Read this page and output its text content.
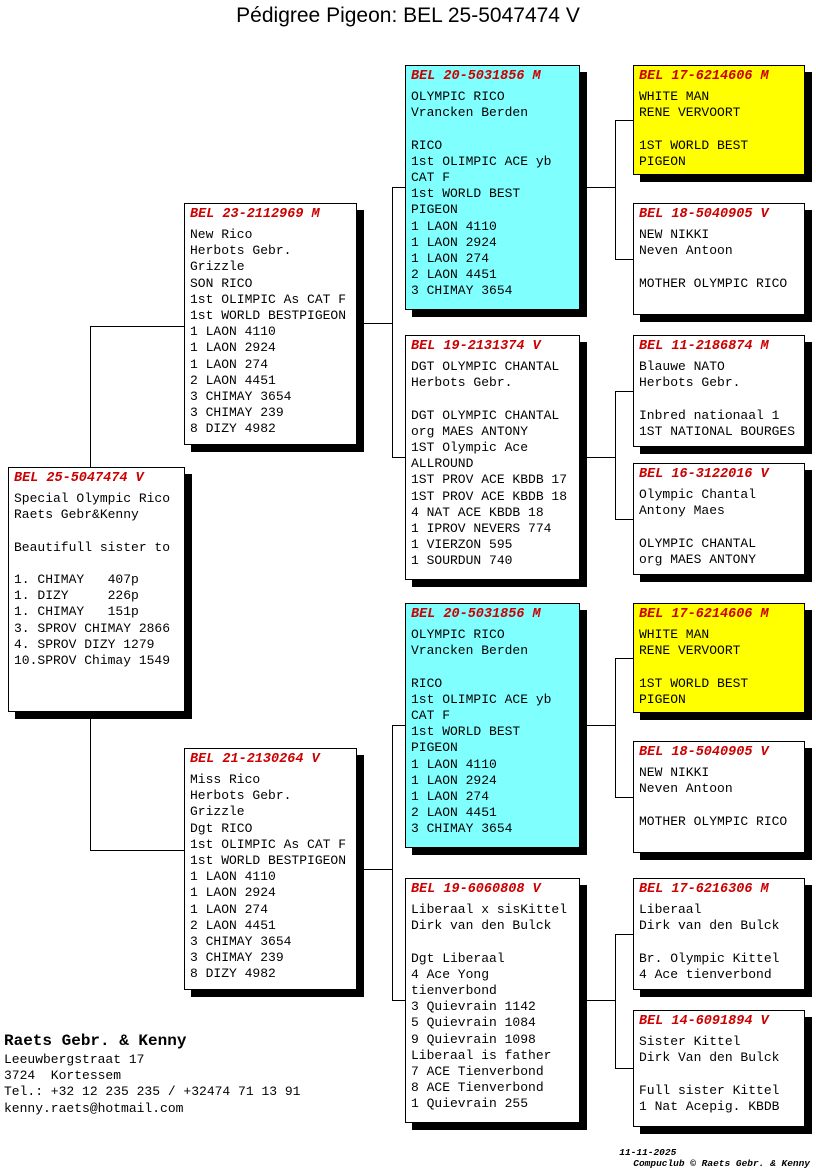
Pédigree Pigeon: BEL 25-5047474 V
BEL 25-5047474 V
Special Olympic Rico
Raets Gebr&Kenny
Beautifull sister to
1. CHIMAY   407p
1. DIZY     226p
1. CHIMAY   151p
3. SPROV CHIMAY 2866
4. SPROV DIZY 1279
10.SPROV Chimay 1549
BEL 23-2112969 M
New Rico
Herbots Gebr.
Grizzle
SON RICO
1st OLIMPIC As CAT F
1st WORLD BESTPIGEON
1 LAON 4110
1 LAON 2924
1 LAON 274
2 LAON 4451
3 CHIMAY 3654
3 CHIMAY 239
8 DIZY 4982
BEL 21-2130264 V
Miss Rico
Herbots Gebr.
Grizzle
Dgt RICO
1st OLIMPIC As CAT F
1st WORLD BESTPIGEON
1 LAON 4110
1 LAON 2924
1 LAON 274
2 LAON 4451
3 CHIMAY 3654
3 CHIMAY 239
8 DIZY 4982
BEL 20-5031856 M
OLYMPIC RICO
Vrancken Berden
RICO
1st OLIMPIC ACE yb
CAT F
1st WORLD BEST
PIGEON
1 LAON 4110
1 LAON 2924
1 LAON 274
2 LAON 4451
3 CHIMAY 3654
BEL 19-2131374 V
DGT OLYMPIC CHANTAL
Herbots Gebr.
DGT OLYMPIC CHANTAL
org MAES ANTONY
1ST Olympic Ace
ALLROUND
1ST PROV ACE KBDB 17
1ST PROV ACE KBDB 18
4 NAT ACE KBDB 18
1 IPROV NEVERS 774
1 VIERZON 595
1 SOURDUN 740
BEL 20-5031856 M
OLYMPIC RICO
Vrancken Berden
RICO
1st OLIMPIC ACE yb
CAT F
1st WORLD BEST
PIGEON
1 LAON 4110
1 LAON 2924
1 LAON 274
2 LAON 4451
3 CHIMAY 3654
BEL 19-6060808 V
Liberaal x sisKittel
Dirk van den Bulck
Dgt Liberaal
4 Ace Yong
tienverbond
3 Quievrain 1142
5 Quievrain 1084
9 Quievrain 1098
Liberaal is father
7 ACE Tienverbond
8 ACE Tienverbond
1 Quievrain 255
BEL 17-6214606 M
WHITE MAN
RENE VERVOORT
1ST WORLD BEST
PIGEON
BEL 18-5040905 V
NEW NIKKI
Neven Antoon
MOTHER OLYMPIC RICO
BEL 11-2186874 M
Blauwe NATO
Herbots Gebr.
Inbred nationaal 1
1ST NATIONAL BOURGES
BEL 16-3122016 V
Olympic Chantal
Antony Maes
OLYMPIC CHANTAL
org MAES ANTONY
BEL 17-6214606 M
WHITE MAN
RENE VERVOORT
1ST WORLD BEST
PIGEON
BEL 18-5040905 V
NEW NIKKI
Neven Antoon
MOTHER OLYMPIC RICO
BEL 17-6216306 M
Liberaal
Dirk van den Bulck
Br. Olympic Kittel
4 Ace tienverbond
BEL 14-6091894 V
Sister Kittel
Dirk Van den Bulck
Full sister Kittel
1 Nat Acepig. KBDB
Raets Gebr. & Kenny
Leeuwbergstraat 17
3724  Kortessem
Tel.: +32 12 235 235 / +32474 71 13 91
kenny.raets@hotmail.com

11-11-2025
Compuclub © Raets Gebr. & Kenny
